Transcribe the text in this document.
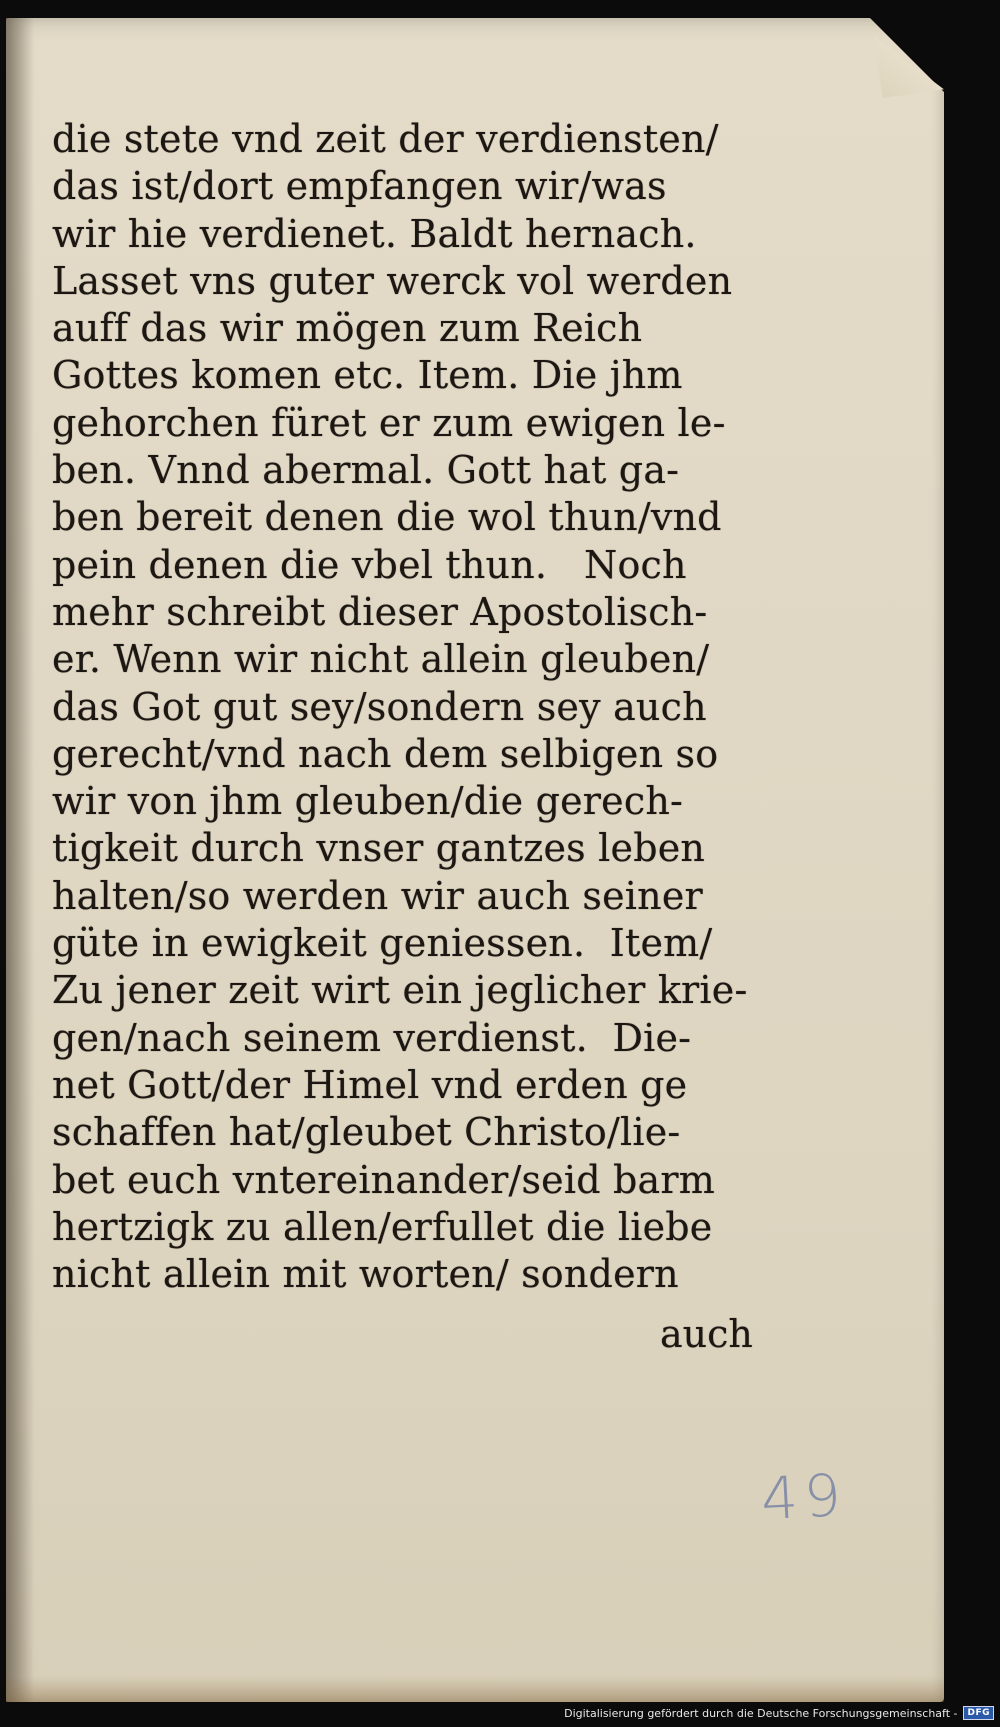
die stete vnd zeit der verdiensten/
das ist/dort empfangen wir/was
wir hie verdienet. Baldt hernach.
Lasset vns guter werck vol werden
auff das wir mögen zum Reich
Gottes komen etc. Item. Die jhm
gehorchen füret er zum ewigen le-
ben. Vnnd abermal. Gott hat ga-
ben bereit denen die wol thun/vnd
pein denen die vbel thun.   Noch
mehr schreibt dieser Apostolisch-
er. Wenn wir nicht allein gleuben/
das Got gut sey/sondern sey auch
gerecht/vnd nach dem selbigen so
wir von jhm gleuben/die gerech-
tigkeit durch vnser gantzes leben
halten/so werden wir auch seiner
güte in ewigkeit geniessen.  Item/
Zu jener zeit wirt ein jeglicher krie-
gen/nach seinem verdienst.  Die-
net Gott/der Himel vnd erden ge
schaffen hat/gleubet Christo/lie-
bet euch vntereinander/seid barm
hertzigk zu allen/erfullet die liebe
nicht allein mit worten/ sondern
auch
49
Digitalisierung gefördert durch die Deutsche Forschungsgemeinschaft -	DFG
